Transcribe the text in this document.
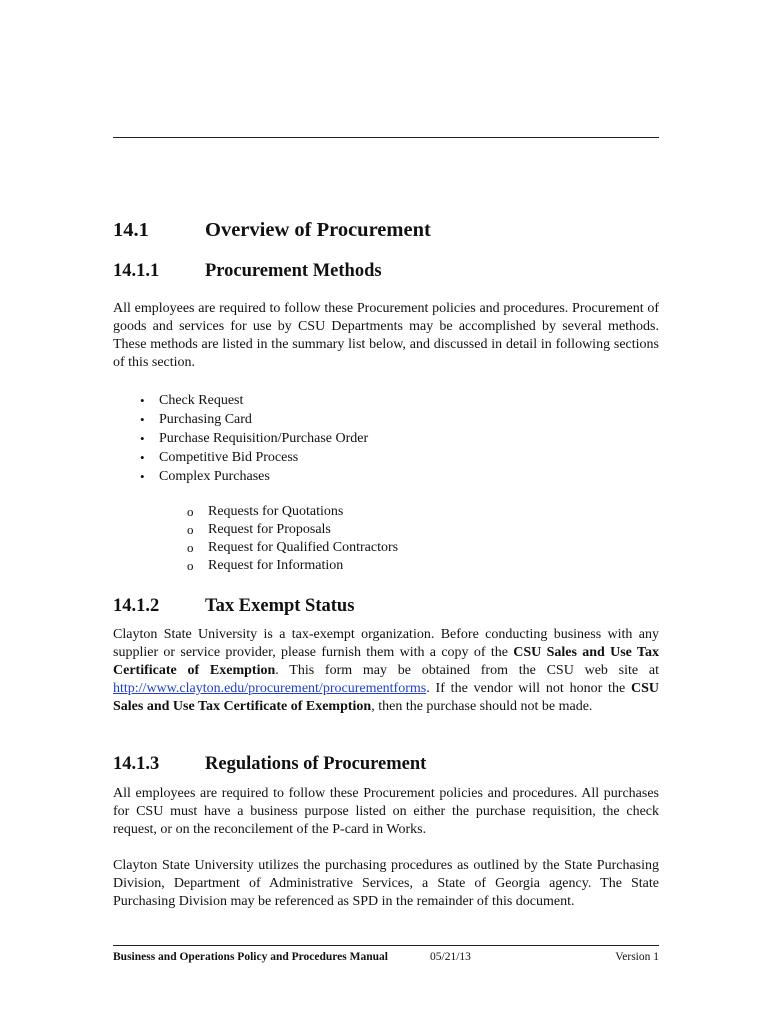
14.1	Overview of Procurement
14.1.1 Procurement Methods
All employees are required to follow these Procurement policies and procedures. Procurement of goods and services for use by CSU Departments may be accomplished by several methods. These methods are listed in the summary list below, and discussed in detail in following sections of this section.
• Check Request
• Purchasing Card
• Purchase Requisition/Purchase Order
• Competitive Bid Process
• Complex Purchases
o Requests for Quotations
o Request for Proposals
o Request for Qualified Contractors
o Request for Information
14.1.2 Tax Exempt Status
Clayton State University is a tax-exempt organization. Before conducting business with any supplier or service provider, please furnish them with a copy of the CSU Sales and Use Tax Certificate of Exemption. This form may be obtained from the CSU web site at http://www.clayton.edu/procurement/procurementforms. If the vendor will not honor the CSU Sales and Use Tax Certificate of Exemption, then the purchase should not be made.
14.1.3 Regulations of Procurement
All employees are required to follow these Procurement policies and procedures. All purchases for CSU must have a business purpose listed on either the purchase requisition, the check request, or on the reconcilement of the P-card in Works.
Clayton State University utilizes the purchasing procedures as outlined by the State Purchasing Division, Department of Administrative Services, a State of Georgia agency. The State Purchasing Division may be referenced as SPD in the remainder of this document.
Business and Operations Policy and Procedures Manual	05/21/13	Version 1
